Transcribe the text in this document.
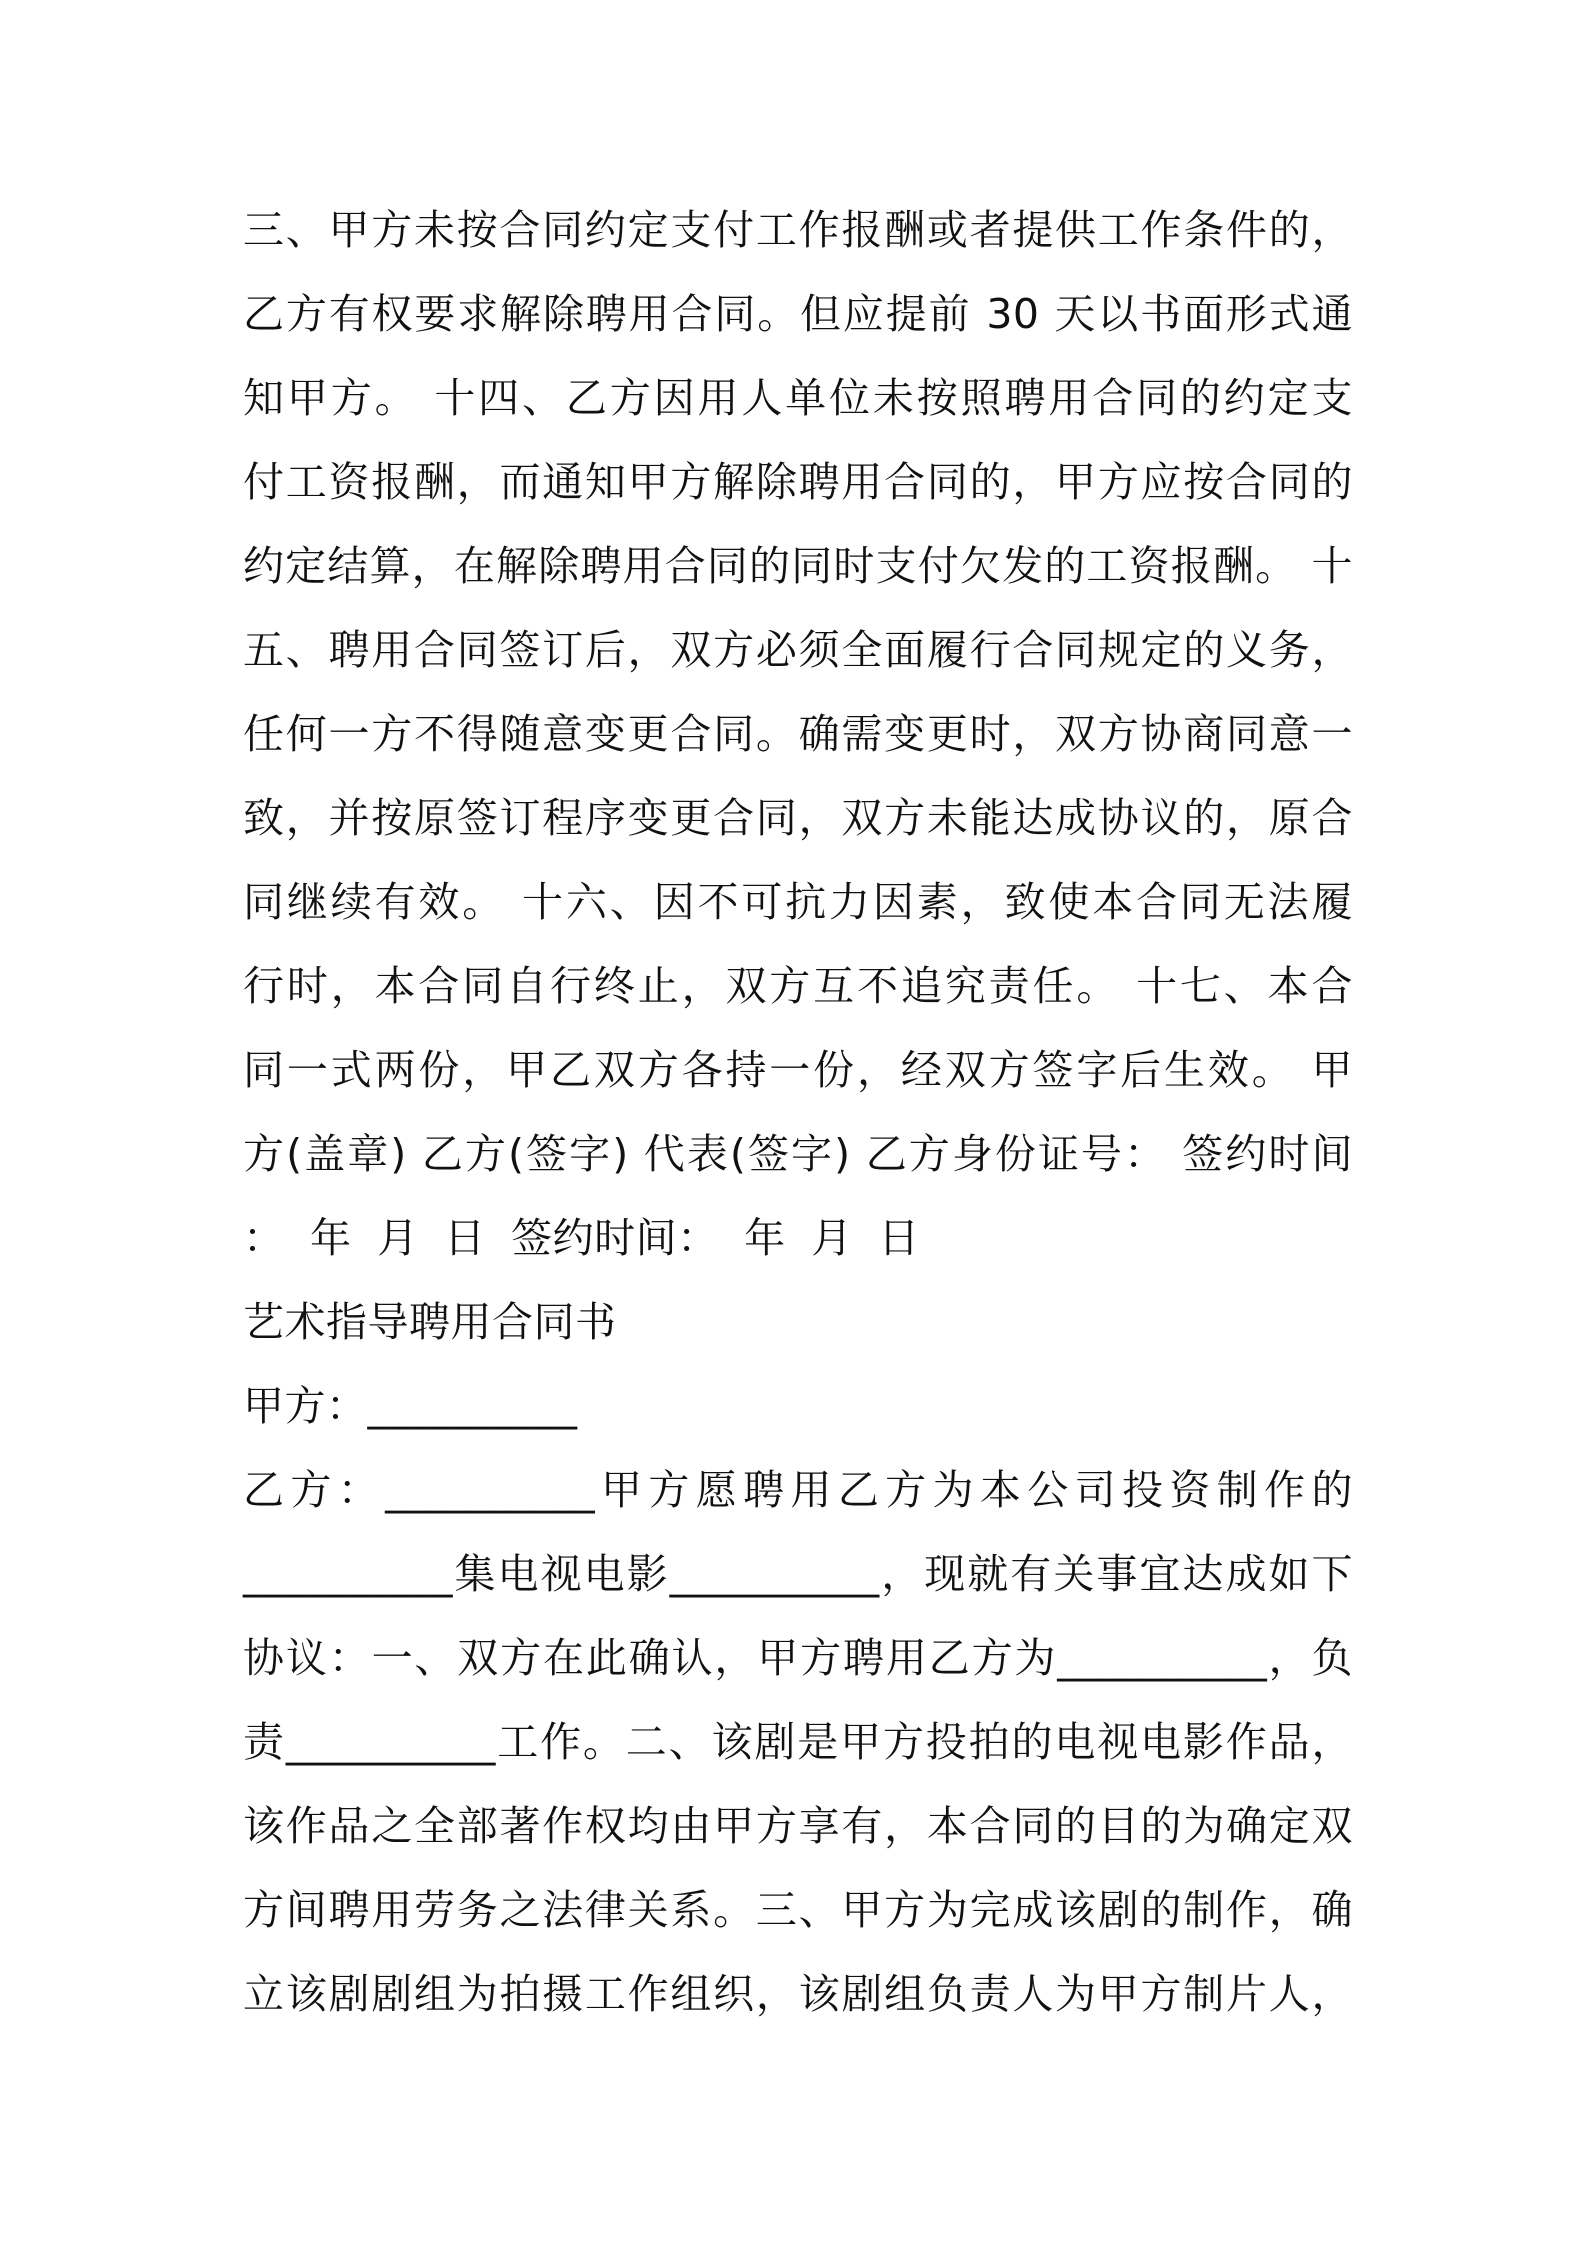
三、甲方未按合同约定支付工作报酬或者提供工作条件的，
乙方有权要求解除聘用合同。但应提前 30 天以书面形式通
知甲方。 十四、乙方因用人单位未按照聘用合同的约定支
付工资报酬，而通知甲方解除聘用合同的，甲方应按合同的
约定结算，在解除聘用合同的同时支付欠发的工资报酬。 十
五、聘用合同签订后，双方必须全面履行合同规定的义务，
任何一方不得随意变更合同。确需变更时，双方协商同意一
致，并按原签订程序变更合同，双方未能达成协议的，原合
同继续有效。 十六、因不可抗力因素，致使本合同无法履
行时，本合同自行终止，双方互不追究责任。 十七、本合
同一式两份，甲乙双方各持一份，经双方签字后生效。 甲
方(盖章) 乙方(签字) 代表(签字) 乙方身份证号： 签约时间
： 年 月 日 签约时间： 年 月 日
艺术指导聘用合同书
甲方：__________
乙方：__________甲方愿聘用乙方为本公司投资制作的
__________集电视电影__________，现就有关事宜达成如下
协议：一、双方在此确认，甲方聘用乙方为__________，负
责__________工作。二、该剧是甲方投拍的电视电影作品，
该作品之全部著作权均由甲方享有，本合同的目的为确定双
方间聘用劳务之法律关系。三、甲方为完成该剧的制作，确
立该剧剧组为拍摄工作组织，该剧组负责人为甲方制片人，
